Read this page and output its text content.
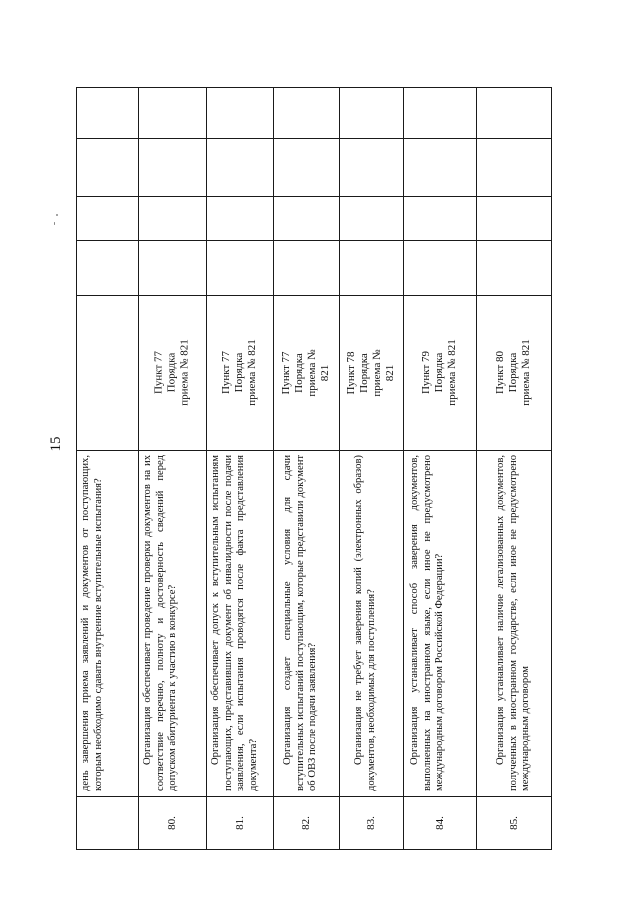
15
день завершения приема заявлений и документов от поступающих, которым необходимо сдавать внутренние вступительные испытания?	Организация обеспечивает проведение проверки документов на их соответствие перечню, полноту и достоверность сведений перед допуском абитуриента к участию в конкурсе?
80.
Пункт 77 Порядка приема № 821
Организация обеспечивает допуск к вступительным испытаниям поступающих, представивших документ об инвалидности после подачи заявления, если испытания проводятся после факта представления документа?
81.
Пункт 77 Порядка приема № 821
Организация создает специальные условия для сдачи вступительных испытаний поступающим, которые представили документ об ОВЗ после подачи заявления?
82.
Пункт 77 Порядка приема № 821
Организация не требует заверения копий (электронных образов) документов, необходимых для поступления?
83.
Пункт 78 Порядка приема № 821
Организация устанавливает способ заверения документов, выполненных на иностранном языке, если иное не предусмотрено международным договором Российской Федерации?
84.
Пункт 79 Порядка приема № 821
Организация устанавливает наличие легализованных документов, полученных в иностранном государстве, если иное не предусмотрено международным договором
85.
Пункт 80 Порядка приема № 821
